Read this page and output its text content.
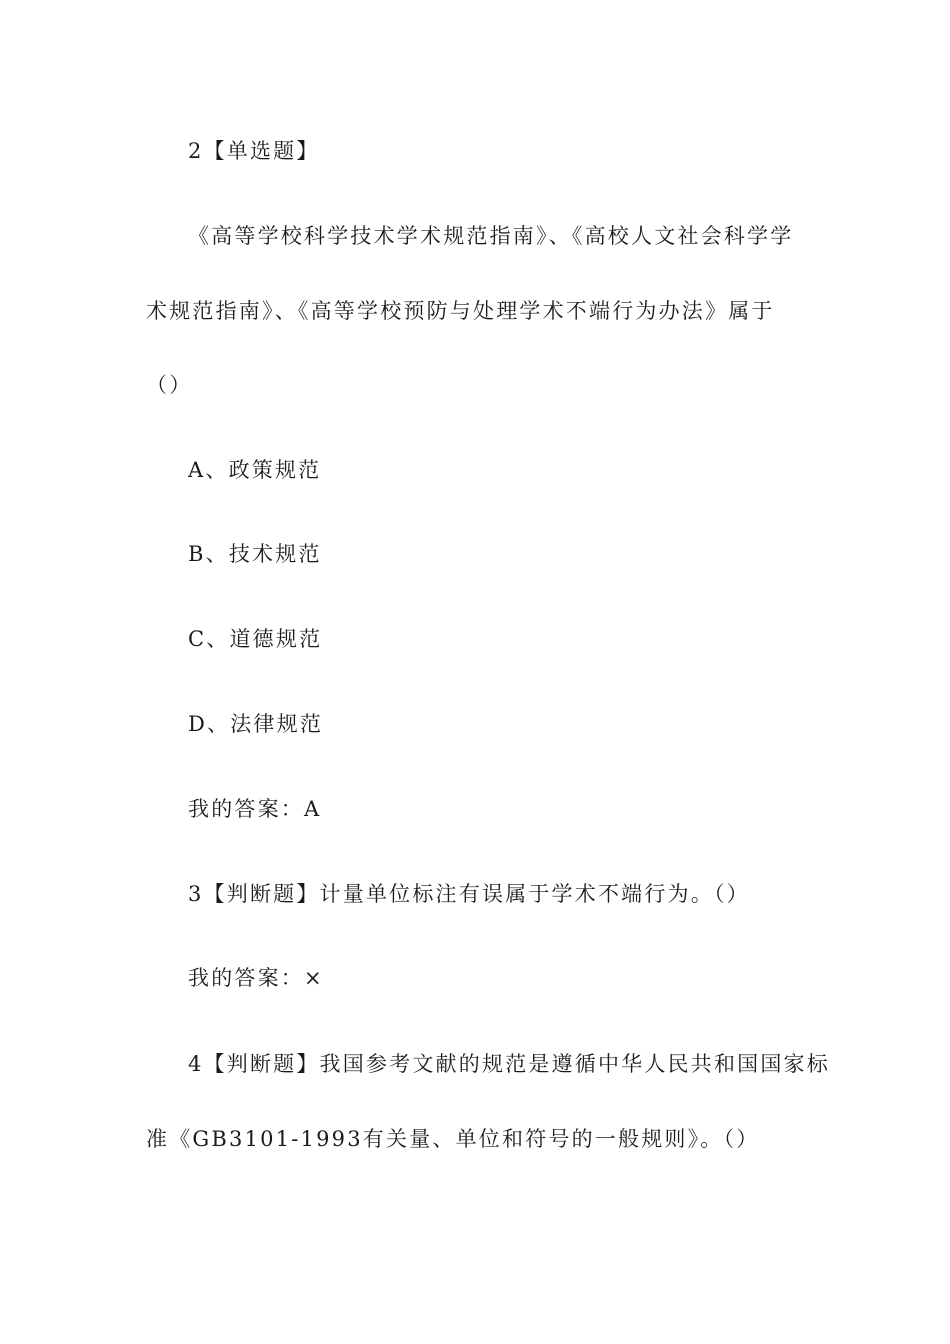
2【单选题】
《高等学校科学技术学术规范指南》、《高校人文社会科学学
术规范指南》、《高等学校预防与处理学术不端行为办法》属于
（）
A、政策规范
B、技术规范
C、道德规范
D、法律规范
我的答案：A
3【判断题】计量单位标注有误属于学术不端行为。（）
我的答案：×
4【判断题】我国参考文献的规范是遵循中华人民共和国国家标
准《GB3101-1993有关量、单位和符号的一般规则》。（）
